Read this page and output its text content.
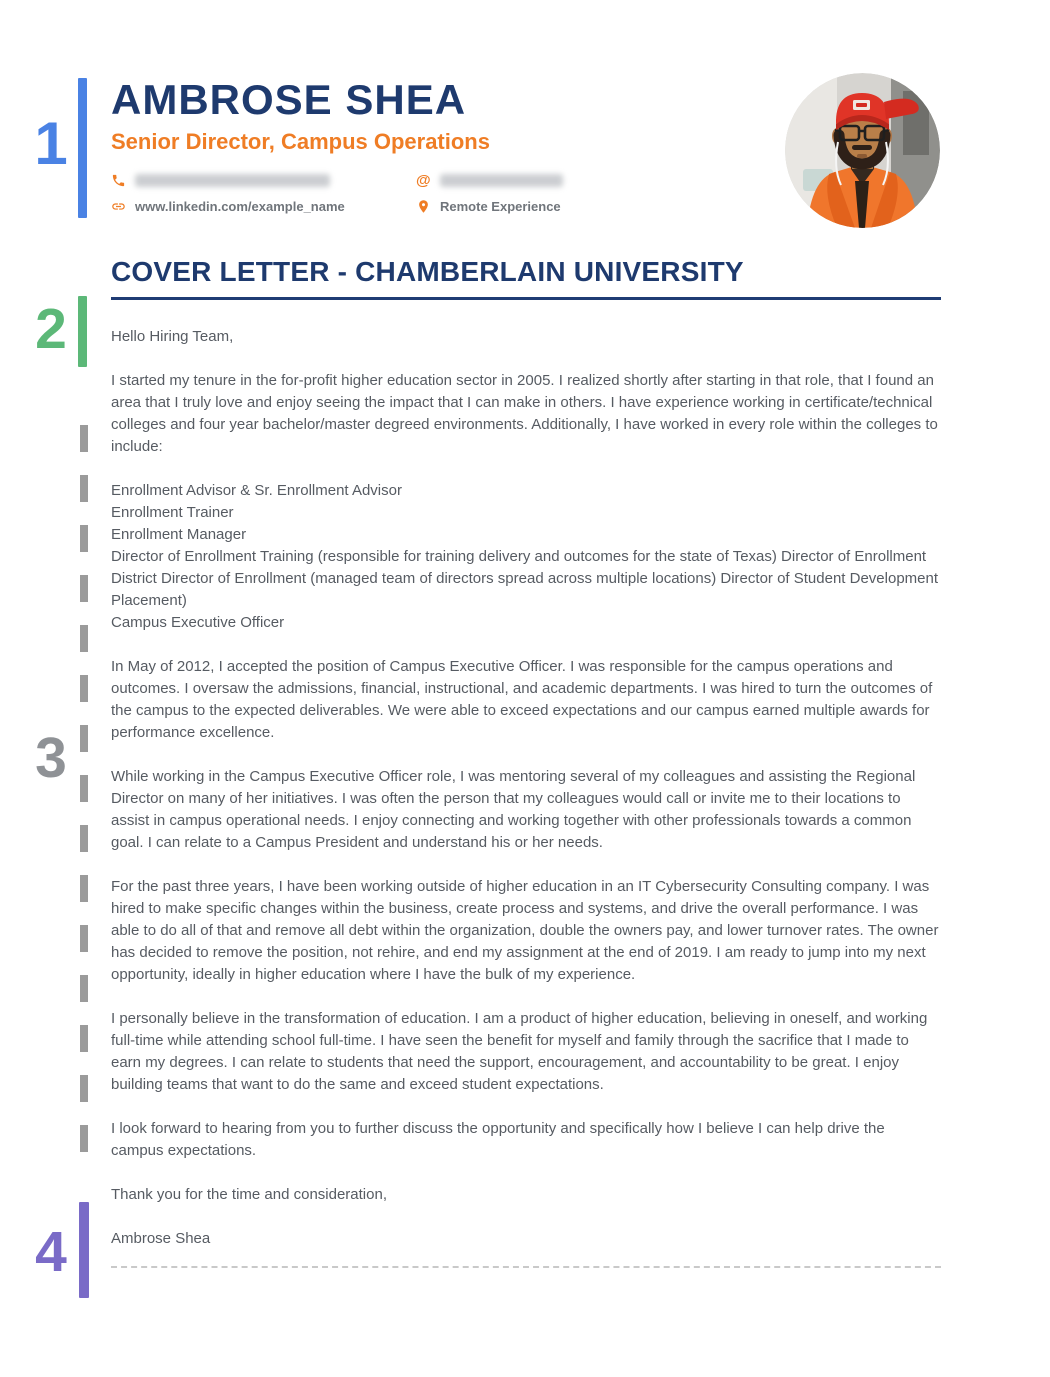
1
2
3
4
AMBROSE SHEA
Senior Director, Campus Operations
@
www.linkedin.com/example_name	Remote Experience
COVER LETTER - CHAMBERLAIN UNIVERSITY

Hello Hiring Team,

I started my tenure in the for-profit higher education sector in 2005. I realized shortly after starting in that role, that I found an area that I truly love and enjoy seeing the impact that I can make in others. I have experience working in certificate/technical colleges and four year bachelor/master degreed environments. Additionally, I have worked in every role within the colleges to include:

Enrollment Advisor & Sr. Enrollment Advisor
Enrollment Trainer
Enrollment Manager
Director of Enrollment Training (responsible for training delivery and outcomes for the state of Texas) Director of Enrollment
District Director of Enrollment (managed team of directors spread across multiple locations) Director of Student Development Placement)
Campus Executive Officer

In May of 2012, I accepted the position of Campus Executive Officer. I was responsible for the campus operations and outcomes. I oversaw the admissions, financial, instructional, and academic departments. I was hired to turn the outcomes of the campus to the expected deliverables. We were able to exceed expectations and our campus earned multiple awards for performance excellence.

While working in the Campus Executive Officer role, I was mentoring several of my colleagues and assisting the Regional Director on many of her initiatives. I was often the person that my colleagues would call or invite me to their locations to assist in campus operational needs. I enjoy connecting and working together with other professionals towards a common goal. I can relate to a Campus President and understand his or her needs.

For the past three years, I have been working outside of higher education in an IT Cybersecurity Consulting company. I was hired to make specific changes within the business, create process and systems, and drive the overall performance. I was able to do all of that and remove all debt within the organization, double the owners pay, and lower turnover rates. The owner has decided to remove the position, not rehire, and end my assignment at the end of 2019. I am ready to jump into my next opportunity, ideally in higher education where I have the bulk of my experience.

I personally believe in the transformation of education. I am a product of higher education, believing in oneself, and working full-time while attending school full-time. I have seen the benefit for myself and family through the sacrifice that I made to earn my degrees. I can relate to students that need the support, encouragement, and accountability to be great. I enjoy building teams that want to do the same and exceed student expectations.

I look forward to hearing from you to further discuss the opportunity and specifically how I believe I can help drive the campus expectations.

Thank you for the time and consideration,

Ambrose Shea
